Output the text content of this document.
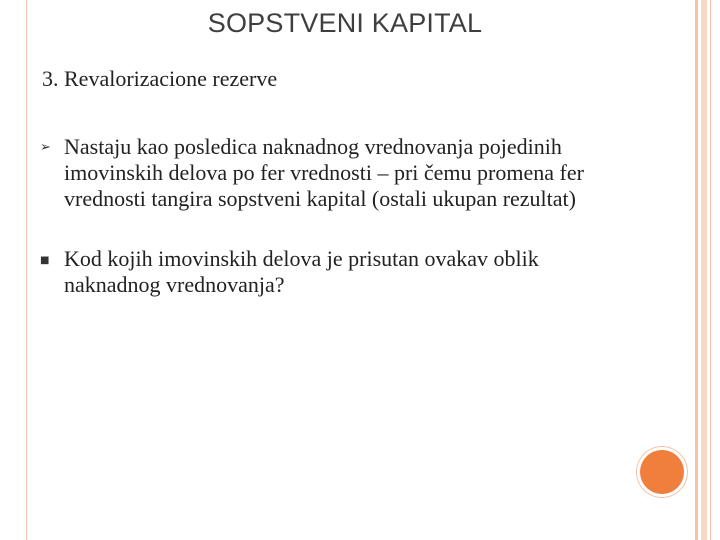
SOPSTVENI KAPITAL
3. Revalorizacione rezerve
➢ Nastaju kao posledica naknadnog vrednovanja pojedinih imovinskih delova po fer vrednosti – pri čemu promena fer vrednosti tangira sopstveni kapital (ostali ukupan rezultat)
■ Kod kojih imovinskih delova je prisutan ovakav oblik naknadnog vrednovanja?
